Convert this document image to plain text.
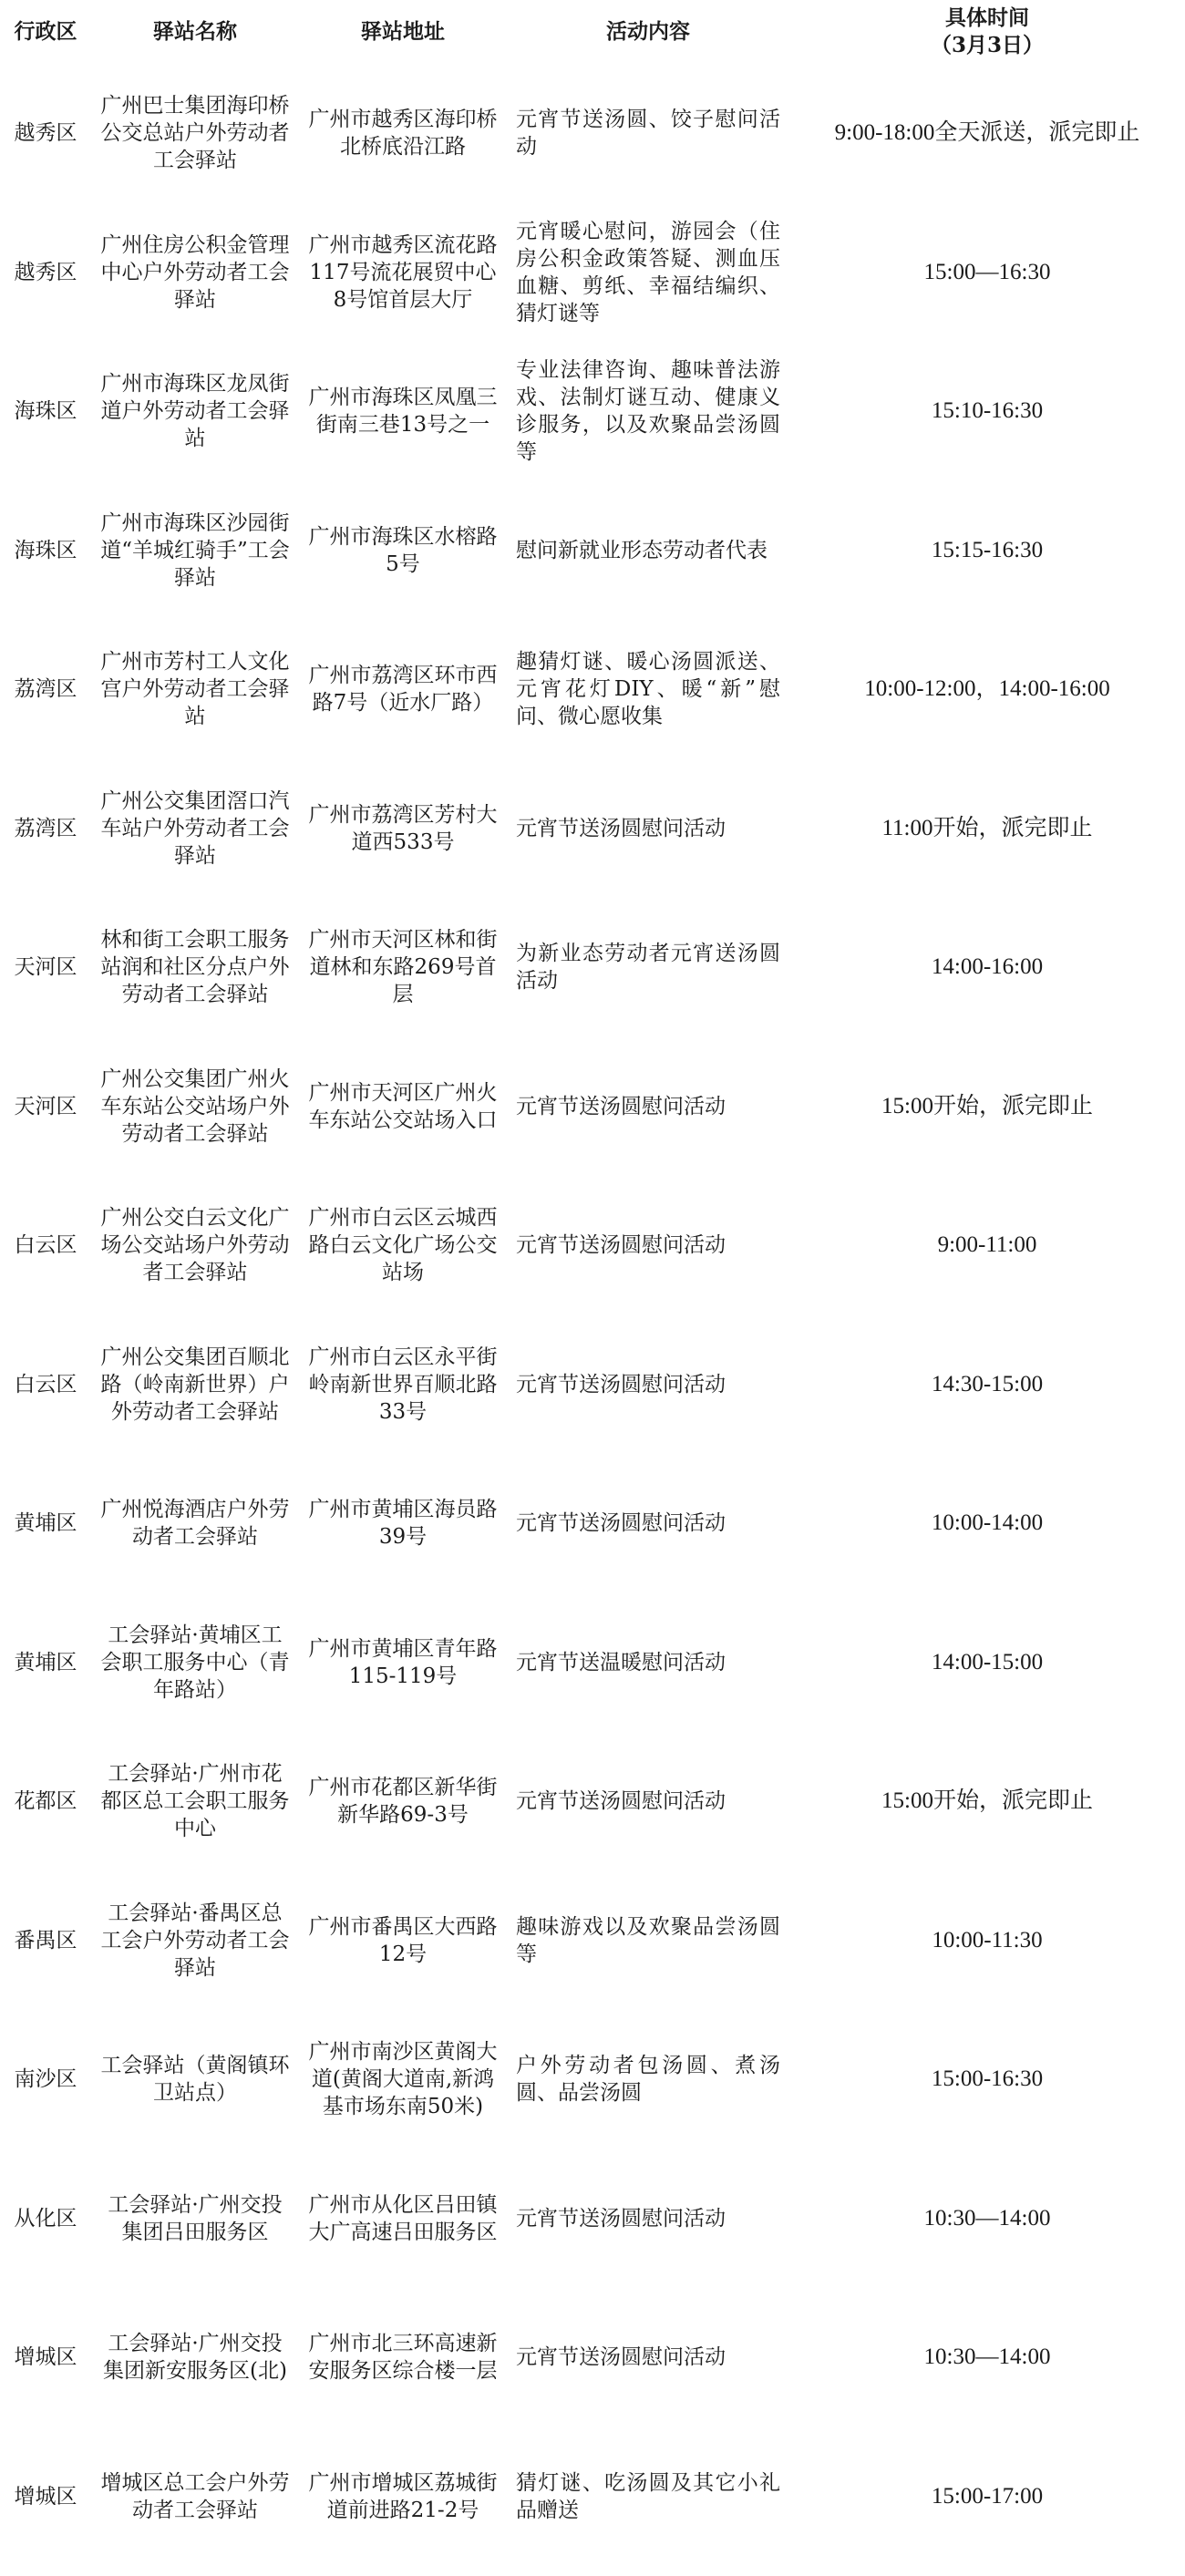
行政区	驿站名称	驿站地址	活动内容	具体时间
（3月3日）
越秀区	广州巴士集团海印桥公交总站户外劳动者工会驿站	广州市越秀区海印桥北桥底沿江路	元宵节送汤圆、饺子慰问活动	9:00-18:00全天派送，派完即止
越秀区	广州住房公积金管理中心户外劳动者工会驿站	广州市越秀区流花路117号流花展贸中心8号馆首层大厅	元宵暖心慰问，游园会（住房公积金政策答疑、测血压血糖、剪纸、幸福结编织、猜灯谜等	15:00—16:30
海珠区	广州市海珠区龙凤街道户外劳动者工会驿站	广州市海珠区凤凰三街南三巷13号之一	专业法律咨询、趣味普法游戏、法制灯谜互动、健康义诊服务，以及欢聚品尝汤圆等	15:10-16:30
海珠区	广州市海珠区沙园街道“羊城红骑手”工会驿站	广州市海珠区水榕路5号	慰问新就业形态劳动者代表	15:15-16:30
荔湾区	广州市芳村工人文化宫户外劳动者工会驿站	广州市荔湾区环市西路7号（近水厂路）	趣猜灯谜、暖心汤圆派送、元宵花灯DIY、暖“新”慰问、微心愿收集	10:00-12:00，14:00-16:00
荔湾区	广州公交集团滘口汽车站户外劳动者工会驿站	广州市荔湾区芳村大道西533号	元宵节送汤圆慰问活动	11:00开始，派完即止
天河区	林和街工会职工服务站润和社区分点户外劳动者工会驿站	广州市天河区林和街道林和东路269号首层	为新业态劳动者元宵送汤圆活动	14:00-16:00
天河区	广州公交集团广州火车东站公交站场户外劳动者工会驿站	广州市天河区广州火车东站公交站场入口	元宵节送汤圆慰问活动	15:00开始，派完即止
白云区	广州公交白云文化广场公交站场户外劳动者工会驿站	广州市白云区云城西路白云文化广场公交站场	元宵节送汤圆慰问活动	9:00-11:00
白云区	广州公交集团百顺北路（岭南新世界）户外劳动者工会驿站	广州市白云区永平街岭南新世界百顺北路33号	元宵节送汤圆慰问活动	14:30-15:00
黄埔区	广州悦海酒店户外劳动者工会驿站	广州市黄埔区海员路39号	元宵节送汤圆慰问活动	10:00-14:00
黄埔区	工会驿站·黄埔区工会职工服务中心（青年路站）	广州市黄埔区青年路115-119号	元宵节送温暖慰问活动	14:00-15:00
花都区	工会驿站·广州市花都区总工会职工服务中心	广州市花都区新华街新华路69-3号	元宵节送汤圆慰问活动	15:00开始，派完即止
番禺区	工会驿站·番禺区总工会户外劳动者工会驿站	广州市番禺区大西路12号	趣味游戏以及欢聚品尝汤圆等	10:00-11:30
南沙区	工会驿站（黄阁镇环卫站点）	广州市南沙区黄阁大道(黄阁大道南,新鸿基市场东南50米)	户外劳动者包汤圆、煮汤圆、品尝汤圆	15:00-16:30
从化区	工会驿站·广州交投集团吕田服务区	广州市从化区吕田镇大广高速吕田服务区	元宵节送汤圆慰问活动	10:30—14:00
增城区	工会驿站·广州交投集团新安服务区(北)	广州市北三环高速新安服务区综合楼一层	元宵节送汤圆慰问活动	10:30—14:00
增城区	增城区总工会户外劳动者工会驿站	广州市增城区荔城街道前进路21-2号	猜灯谜、吃汤圆及其它小礼品赠送	15:00-17:00
